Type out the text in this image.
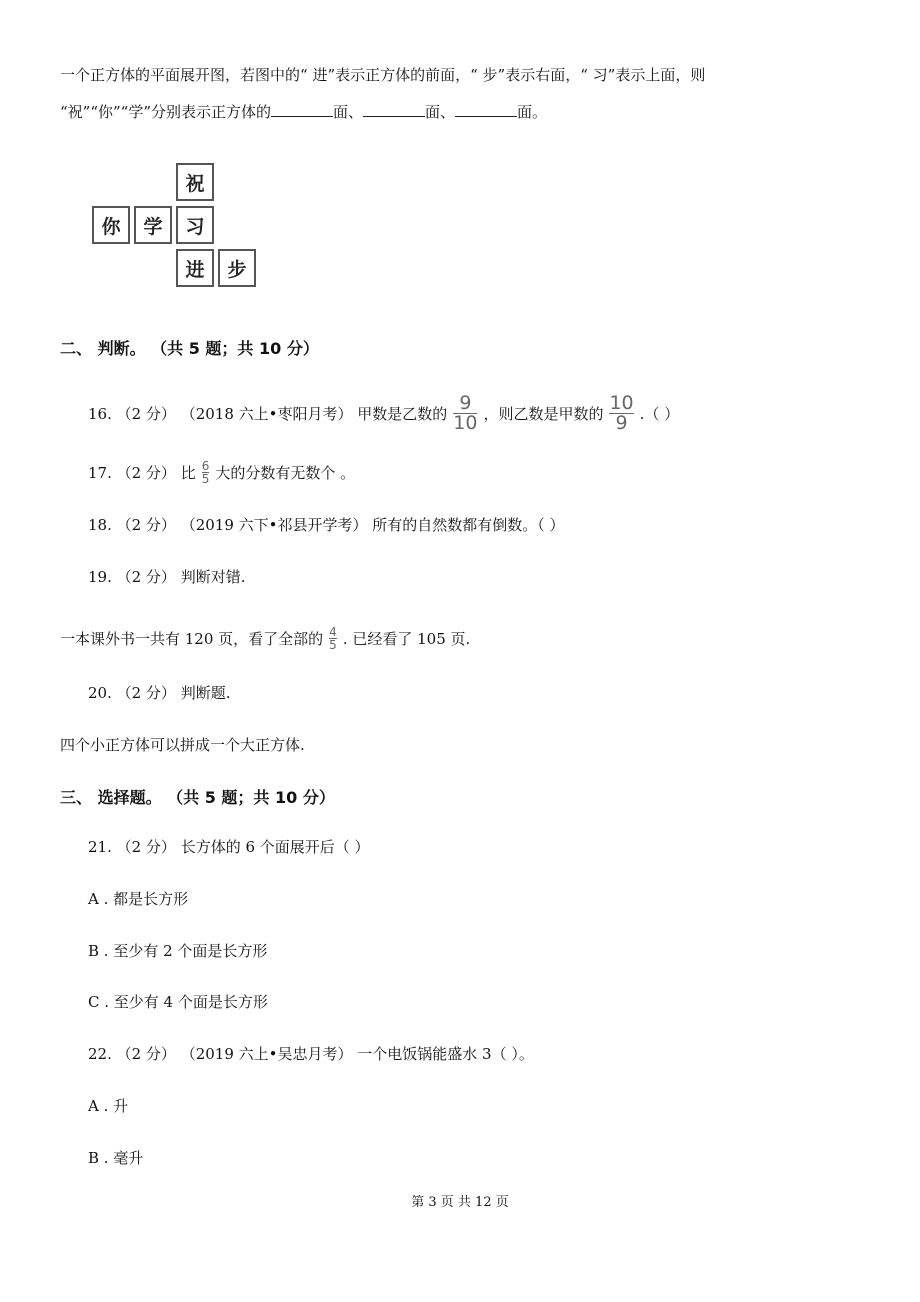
一个正方体的平面展开图，若图中的“ 进”表示正方体的前面，“ 步”表示右面，“ 习”表示上面，则
“祝”“你”“学”分别表示正方体的	面、	面、	面。
祝
你	学	习
进	步
二、 判断。 （共 5 题；共 10 分）
16. （2 分） （2018 六上•枣阳月考） 甲数是乙数的 $\frac{9}{10}$ ，则乙数是甲数的 $\frac{10}{9}$ .（ ）
17. （2 分） 比 $\frac{6}{5}$ 大的分数有无数个 。
18. （2 分） （2019 六下•祁县开学考） 所有的自然数都有倒数。（ ）
19. （2 分） 判断对错.
一本课外书一共有 120 页，看了全部的 $\frac{4}{5}$ . 已经看了 105 页.
20. （2 分） 判断题.
四个小正方体可以拼成一个大正方体.
三、 选择题。 （共 5 题；共 10 分）
21. （2 分） 长方体的 6 个面展开后（ ）
A . 都是长方形
B . 至少有 2 个面是长方形
C . 至少有 4 个面是长方形
22. （2 分） （2019 六上•吴忠月考） 一个电饭锅能盛水 3（ ）。
A . 升
B . 毫升
第 3 页 共 12 页
